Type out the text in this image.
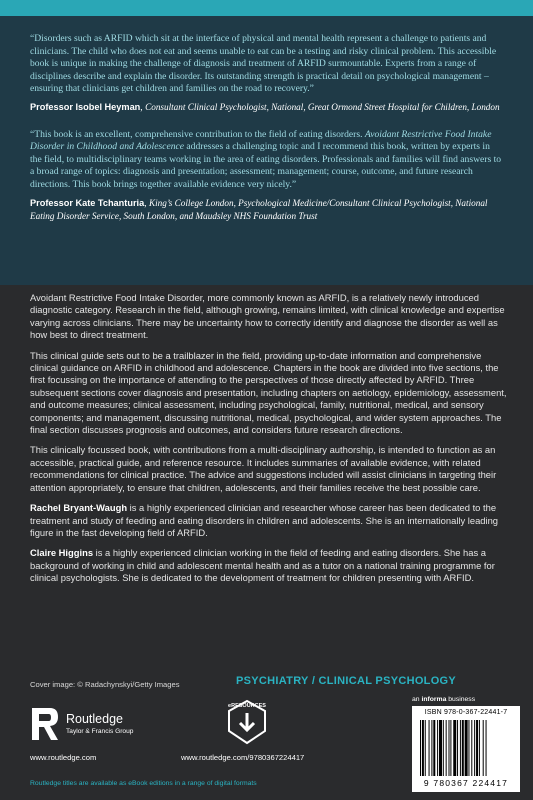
“Disorders such as ARFID which sit at the interface of physical and mental health represent a challenge to patients and clinicians. The child who does not eat and seems unable to eat can be a testing and risky clinical problem. This accessible book is unique in making the challenge of diagnosis and treatment of ARFID surmountable. Experts from a range of disciplines describe and explain the disorder. Its outstanding strength is practical detail on psychological management – ensuring that clinicians get children and families on the road to recovery.”

Professor Isobel Heyman, Consultant Clinical Psychologist, National, Great Ormond Street Hospital for Children, London

“This book is an excellent, comprehensive contribution to the field of eating disorders. Avoidant Restrictive Food Intake Disorder in Childhood and Adolescence addresses a challenging topic and I recommend this book, written by experts in the field, to multidisciplinary teams working in the area of eating disorders. Professionals and families will find answers to a broad range of topics: diagnosis and presentation; assessment; management; course, outcome, and future research directions. This book brings together available evidence very nicely.”

Professor Kate Tchanturia, King’s College London, Psychological Medicine/Consultant Clinical Psychologist, National Eating Disorder Service, South London, and Maudsley NHS Foundation Trust

Avoidant Restrictive Food Intake Disorder, more commonly known as ARFID, is a relatively newly introduced diagnostic category. Research in the field, although growing, remains limited, with clinical knowledge and expertise varying across clinicians. There may be uncertainty how to correctly identify and diagnose the disorder as well as how best to direct treatment.

This clinical guide sets out to be a trailblazer in the field, providing up-to-date information and comprehensive clinical guidance on ARFID in childhood and adolescence. Chapters in the book are divided into five sections, the first focussing on the importance of attending to the perspectives of those directly affected by ARFID. Three subsequent sections cover diagnosis and presentation, including chapters on aetiology, epidemiology, assessment, and outcome measures; clinical assessment, including psychological, family, nutritional, medical, and sensory components; and management, discussing nutritional, medical, psychological, and wider system approaches. The final section discusses prognosis and outcomes, and considers future research directions.

This clinically focussed book, with contributions from a multi-disciplinary authorship, is intended to function as an accessible, practical guide, and reference resource. It includes summaries of available evidence, with related recommendations for clinical practice. The advice and suggestions included will assist clinicians in targeting their attention appropriately, to ensure that children, adolescents, and their families receive the best possible care.

Rachel Bryant-Waugh is a highly experienced clinician and researcher whose career has been dedicated to the treatment and study of feeding and eating disorders in children and adolescents. She is an internationally leading figure in the fast developing field of ARFID.

Claire Higgins is a highly experienced clinician working in the field of feeding and eating disorders. She has a background of working in child and adolescent mental health and as a tutor on a national training programme for clinical psychologists. She is dedicated to the development of treatment for children presenting with ARFID.

Cover image: © Radachynskyi/Getty Images	PSYCHIATRY / CLINICAL PSYCHOLOGY
an informa business
Routledge
Taylor & Francis Group
www.routledge.com
eRESOURCES
www.routledge.com/9780367224417
ISBN 978-0-367-22441-7
9 780367 224417
Routledge titles are available as eBook editions in a range of digital formats
